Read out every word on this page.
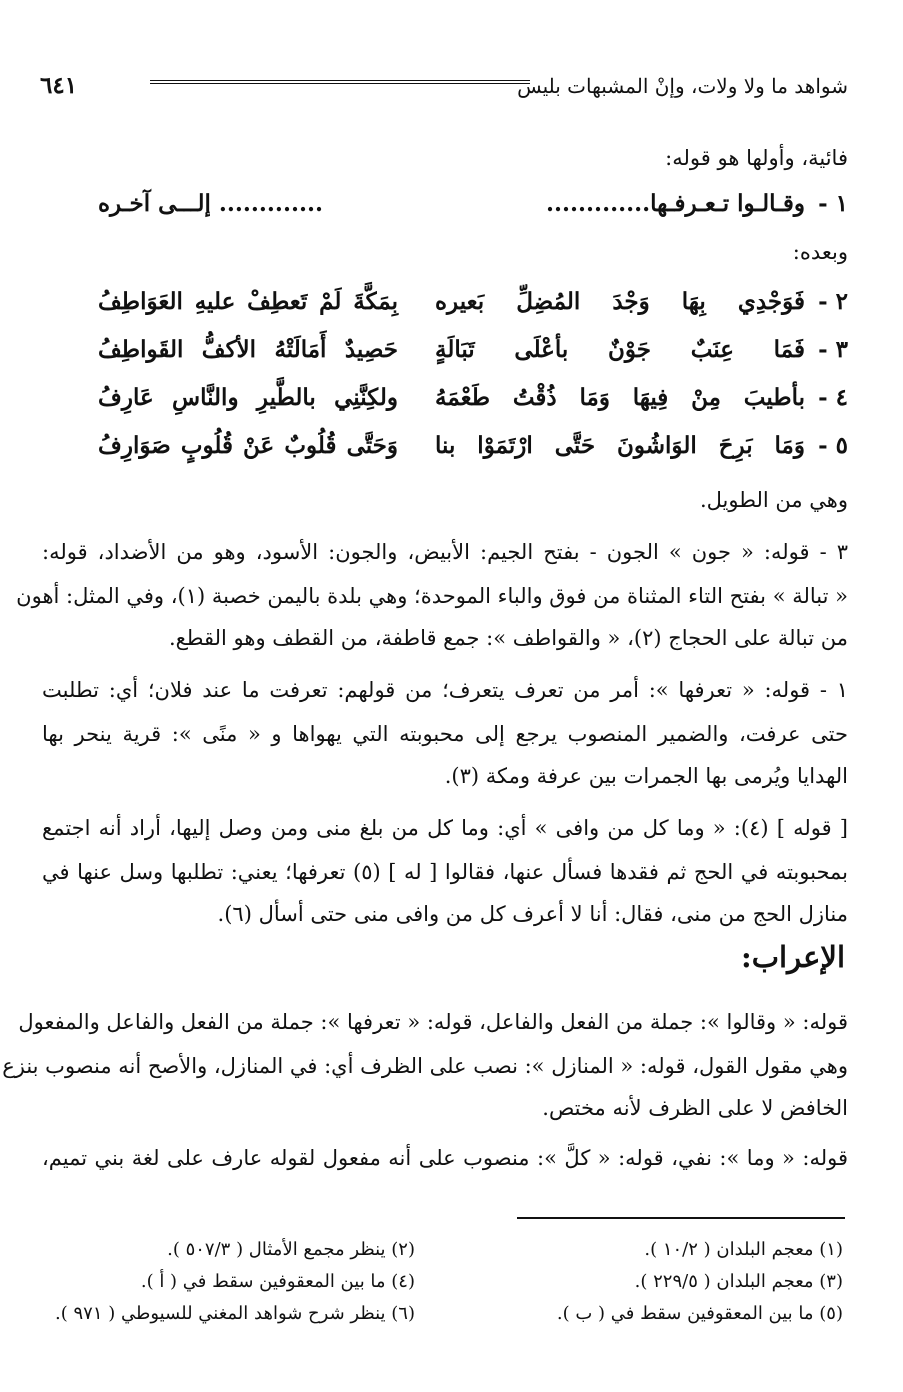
شواهد ما ولا ولات، وإنْ المشبهات بليس
٦٤١
فائية، وأولها هو قوله:
١ -
وقـالـوا تـعـرفـها.............
............. إلـــى آخـره
وبعده:
٢ -
فَوَجْدِي بِهَا وَجْدَ المُضِلِّ بَعيره
بِمَكَّةَ لَمْ تَعطِفْ عليهِ العَوَاطِفُ
٣ -
فَمَا عِنَبٌ جَوْنٌ بأعْلَى تَبَالَةٍ
حَصِيدٌ أَمَالَتْهُ الأكفُّ القَواطِفُ
٤ -
بأطيبَ مِنْ فِيهَا وَمَا ذُقْتُ طَعْمَهُ
ولكِنَّنِي بالطَّيرِ والنَّاسِ عَارِفُ
٥ -
وَمَا بَرِحَ الوَاشُونَ حَتَّى ارْتَمَوْا بنا
وَحَتَّى قُلُوبٌ عَنْ قُلُوبٍ صَوَارِفُ
وهي من الطويل.
٣ - قوله: « جون » الجون - بفتح الجيم: الأبيض، والجون: الأسود، وهو من الأضداد، قوله:
« تبالة » بفتح التاء المثناة من فوق والباء الموحدة؛ وهي بلدة باليمن خصبة (١)، وفي المثل: أهون
من تبالة على الحجاج (٢)، « والقواطف »: جمع قاطفة، من القطف وهو القطع.
١ - قوله: « تعرفها »: أمر من تعرف يتعرف؛ من قولهم: تعرفت ما عند فلان؛ أي: تطلبت
حتى عرفت، والضمير المنصوب يرجع إلى محبوبته التي يهواها و « منًى »: قرية ينحر بها
الهدايا ويُرمى بها الجمرات بين عرفة ومكة (٣).
[ قوله ] (٤): « وما كل من وافى » أي: وما كل من بلغ منى ومن وصل إليها، أراد أنه اجتمع
بمحبوبته في الحج ثم فقدها فسأل عنها، فقالوا [ له ] (٥) تعرفها؛ يعني: تطلبها وسل عنها في
منازل الحج من منى، فقال: أنا لا أعرف كل من وافى منى حتى أسأل (٦).
الإعراب:
قوله: « وقالوا »: جملة من الفعل والفاعل، قوله: « تعرفها »: جملة من الفعل والفاعل والمفعول
وهي مقول القول، قوله: « المنازل »: نصب على الظرف أي: في المنازل، والأصح أنه منصوب بنزع
الخافض لا على الظرف لأنه مختص.
قوله: « وما »: نفي، قوله: « كلَّ »: منصوب على أنه مفعول لقوله عارف على لغة بني تميم،
(١) معجم البلدان ( ١٠/٢ ).
(٢) ينظر مجمع الأمثال ( ٥٠٧/٣ ).
(٣) معجم البلدان ( ٢٢٩/٥ ).
(٤) ما بين المعقوفين سقط في ( أ ).
(٥) ما بين المعقوفين سقط في ( ب ).
(٦) ينظر شرح شواهد المغني للسيوطي ( ٩٧١ ).
